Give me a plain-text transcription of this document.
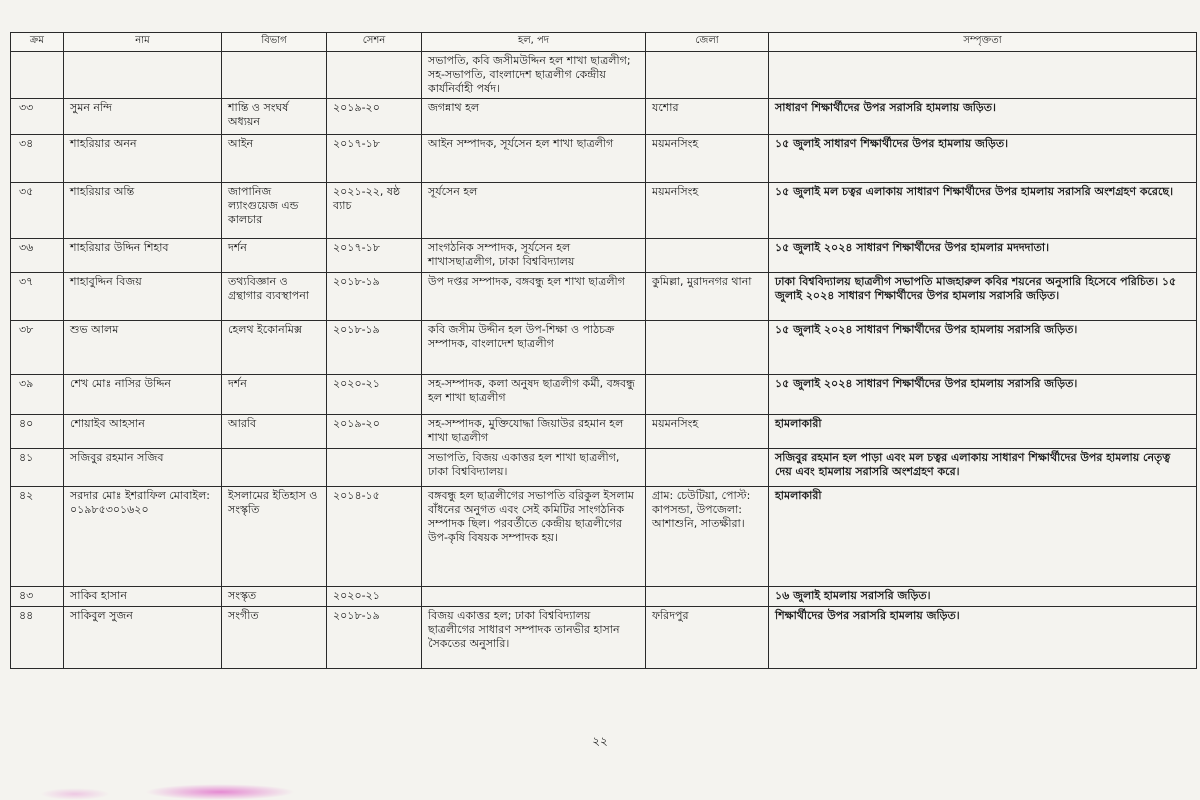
ক্রম	নাম	বিভাগ	সেশন	হল, পদ	জেলা	সম্পৃক্ততা
				সভাপতি, কবি জসীমউদ্দিন হল শাখা ছাত্রলীগ; সহ-সভাপতি, বাংলাদেশ ছাত্রলীগ কেন্দ্রীয় কার্যনির্বাহী পর্ষদ।		
৩৩	সুমন নন্দি	শান্তি ও সংঘর্ষ অধ্যয়ন	২০১৯-২০	জগন্নাথ হল	যশোর	সাধারণ শিক্ষার্থীদের উপর সরাসরি হামলায় জড়িত।
৩৪	শাহরিয়ার অনন	আইন	২০১৭-১৮	আইন সম্পাদক, সূর্যসেন হল শাখা ছাত্রলীগ	ময়মনসিংহ	১৫ জুলাই সাধারণ শিক্ষার্থীদের উপর হামলায় জড়িত।
৩৫	শাহরিয়ার অন্তি	জাপানিজ ল্যাংগুয়েজ এন্ড কালচার	২০২১-২২, ষষ্ঠ ব্যাচ	সূর্যসেন হল	ময়মনসিংহ	১৫ জুলাই মল চত্বর এলাকায় সাধারণ শিক্ষার্থীদের উপর হামলায় সরাসরি অংশগ্রহণ করেছে।
৩৬	শাহরিয়ার উদ্দিন শিহাব	দর্শন	২০১৭-১৮	সাংগঠনিক সম্পাদক, সূর্যসেন হল শাখাসছাত্রলীগ, ঢাকা বিশ্ববিদ্যালয়		১৫ জুলাই ২০২৪ সাধারণ শিক্ষার্থীদের উপর হামলার মদদদাতা।
৩৭	শাহাবুদ্দিন বিজয়	তথ্যবিজ্ঞান ও গ্রন্থাগার ব্যবস্থাপনা	২০১৮-১৯	উপ দপ্তর সম্পাদক, বঙ্গবন্ধু হল শাখা ছাত্রলীগ	কুমিল্লা, মুরাদনগর থানা	ঢাকা বিশ্ববিদ্যালয় ছাত্রলীগ সভাপতি মাজহারুল কবির শয়নের অনুসারি হিসেবে পরিচিত। ১৫ জুলাই ২০২৪ সাধারণ শিক্ষার্থীদের উপর হামলায় সরাসরি জড়িত।
৩৮	শুভ আলম	হেলথ ইকোনমিক্স	২০১৮-১৯	কবি জসীম উদ্দীন হল উপ-শিক্ষা ও পাঠচক্র সম্পাদক, বাংলাদেশ ছাত্রলীগ		১৫ জুলাই ২০২৪ সাধারণ শিক্ষার্থীদের উপর হামলায় সরাসরি জড়িত।
৩৯	শেখ মোঃ নাসির উদ্দিন	দর্শন	২০২০-২১	সহ-সম্পাদক, কলা অনুষদ ছাত্রলীগ কর্মী, বঙ্গবন্ধু হল শাখা ছাত্রলীগ		১৫ জুলাই ২০২৪ সাধারণ শিক্ষার্থীদের উপর হামলায় সরাসরি জড়িত।
৪০	শোয়াইব আহসান	আরবি	২০১৯-২০	সহ-সম্পাদক, মুক্তিযোদ্ধা জিয়াউর রহমান হল শাখা ছাত্রলীগ	ময়মনসিংহ	হামলাকারী
৪১	সজিবুর রহমান সজিব			সভাপতি, বিজয় একাত্তর হল শাখা ছাত্রলীগ, ঢাকা বিশ্ববিদ্যালয়।		সজিবুর রহমান হল পাড়া এবং মল চত্বর এলাকায় সাধারণ শিক্ষার্থীদের উপর হামলায় নেতৃত্ব দেয় এবং হামলায় সরাসরি অংশগ্রহণ করে।
৪২	সরদার মোঃ ইশরাফিল মোবাইল: ০১৯৮৫৩০১৬২০	ইসলামের ইতিহাস ও সংস্কৃতি	২০১৪-১৫	বঙ্গবন্ধু হল ছাত্রলীগের সভাপতি বরিকুল ইসলাম বাঁধনের অনুগত এবং সেই কমিটির সাংগঠনিক সম্পাদক ছিল। পরবর্তীতে কেন্দ্রীয় ছাত্রলীগের উপ-কৃষি বিষয়ক সম্পাদক হয়।	গ্রাম: চেউটিয়া, পোস্ট: কাপসন্ডা, উপজেলা: আশাশুনি, সাতক্ষীরা।	হামলাকারী
৪৩	সাকিব হাসান	সংস্কৃত	২০২০-২১			১৬ জুলাই হামলায় সরাসরি জড়িত।
৪৪	সাকিবুল সুজন	সংগীত	২০১৮-১৯	বিজয় একাত্তর হল; ঢাকা বিশ্ববিদ্যালয় ছাত্রলীগের সাধারণ সম্পাদক তানভীর হাসান সৈকতের অনুসারি।	ফরিদপুর	শিক্ষার্থীদের উপর সরাসরি হামলায় জড়িত।
২২
